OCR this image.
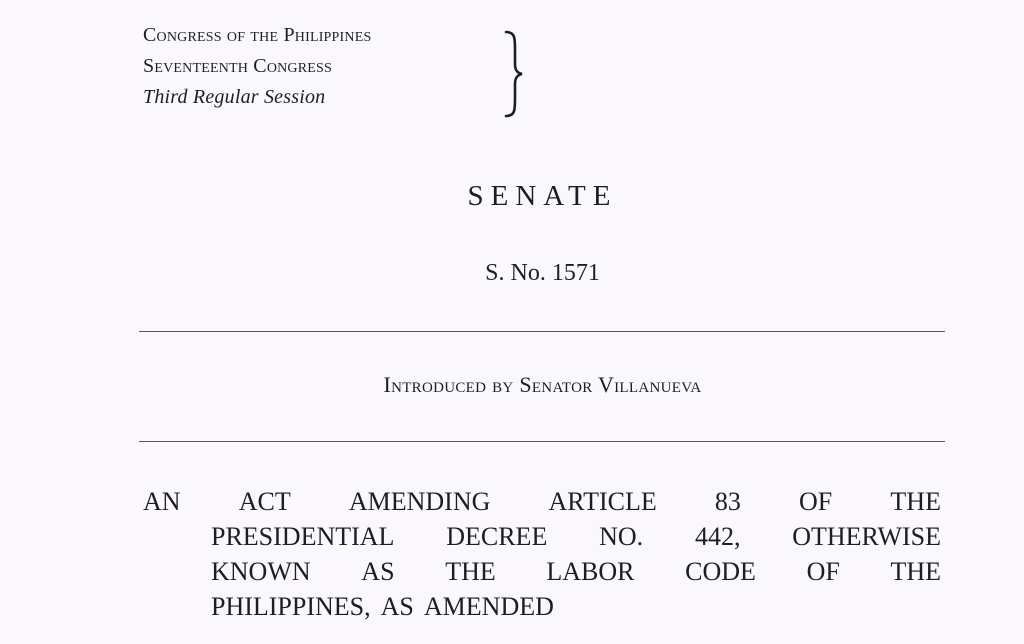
Congress of the Philippines
Seventeenth Congress
Third Regular Session
SENATE
S. No. 1571
Introduced by Senator Villanueva
AN ACT AMENDING ARTICLE 83 OF THE
PRESIDENTIAL DECREE NO. 442, OTHERWISE
KNOWN AS THE LABOR CODE OF THE
PHILIPPINES, AS AMENDED
